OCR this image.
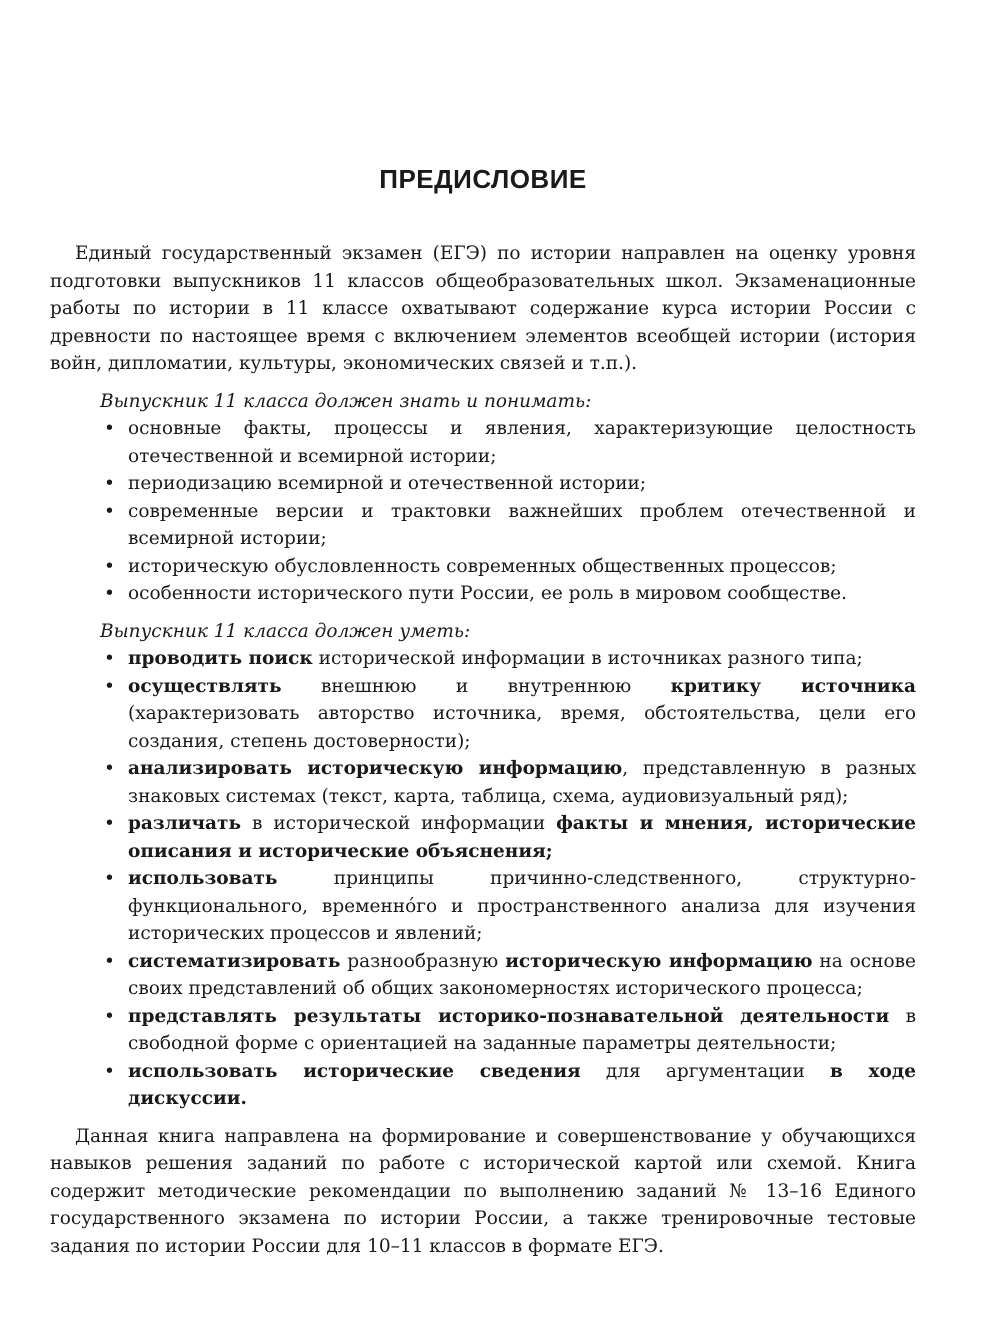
ПРЕДИСЛОВИЕ

Единый государственный экзамен (ЕГЭ) по истории направлен на оценку уровня подготовки выпускников 11 классов общеобразовательных школ. Экзаменационные работы по истории в 11 классе охватывают содержание курса истории России с древности по настоящее время с включением элементов всеобщей истории (история войн, дипломатии, культуры, экономических связей и т.п.).

Выпускник 11 класса должен знать и понимать:

• основные факты, процессы и явления, характеризующие целостность отечественной и всемирной истории;
• периодизацию всемирной и отечественной истории;
• современные версии и трактовки важнейших проблем отечественной и всемирной истории;
• историческую обусловленность современных общественных процессов;
• особенности исторического пути России, ее роль в мировом сообществе.

Выпускник 11 класса должен уметь:

• проводить поиск исторической информации в источниках разного типа;
• осуществлять внешнюю и внутреннюю критику источника (характеризовать авторство источника, время, обстоятельства, цели его создания, степень достоверности);
• анализировать историческую информацию, представленную в разных знаковых системах (текст, карта, таблица, схема, аудиовизуальный ряд);
• различать в исторической информации факты и мнения, исторические описания и исторические объяснения;
• использовать принципы причинно-следственного, структурно-функционального, временнóго и пространственного анализа для изучения исторических процессов и явлений;
• систематизировать разнообразную историческую информацию на основе своих представлений об общих закономерностях исторического процесса;
• представлять результаты историко-познавательной деятельности в свободной форме с ориентацией на заданные параметры деятельности;
• использовать исторические сведения для аргументации в ходе дискуссии.

Данная книга направлена на формирование и совершенствование у обучающихся навыков решения заданий по работе с исторической картой или схемой. Книга содержит методические рекомендации по выполнению заданий № 13–16 Единого государственного экзамена по истории России, а также тренировочные тестовые задания по истории России для 10–11 классов в формате ЕГЭ.
